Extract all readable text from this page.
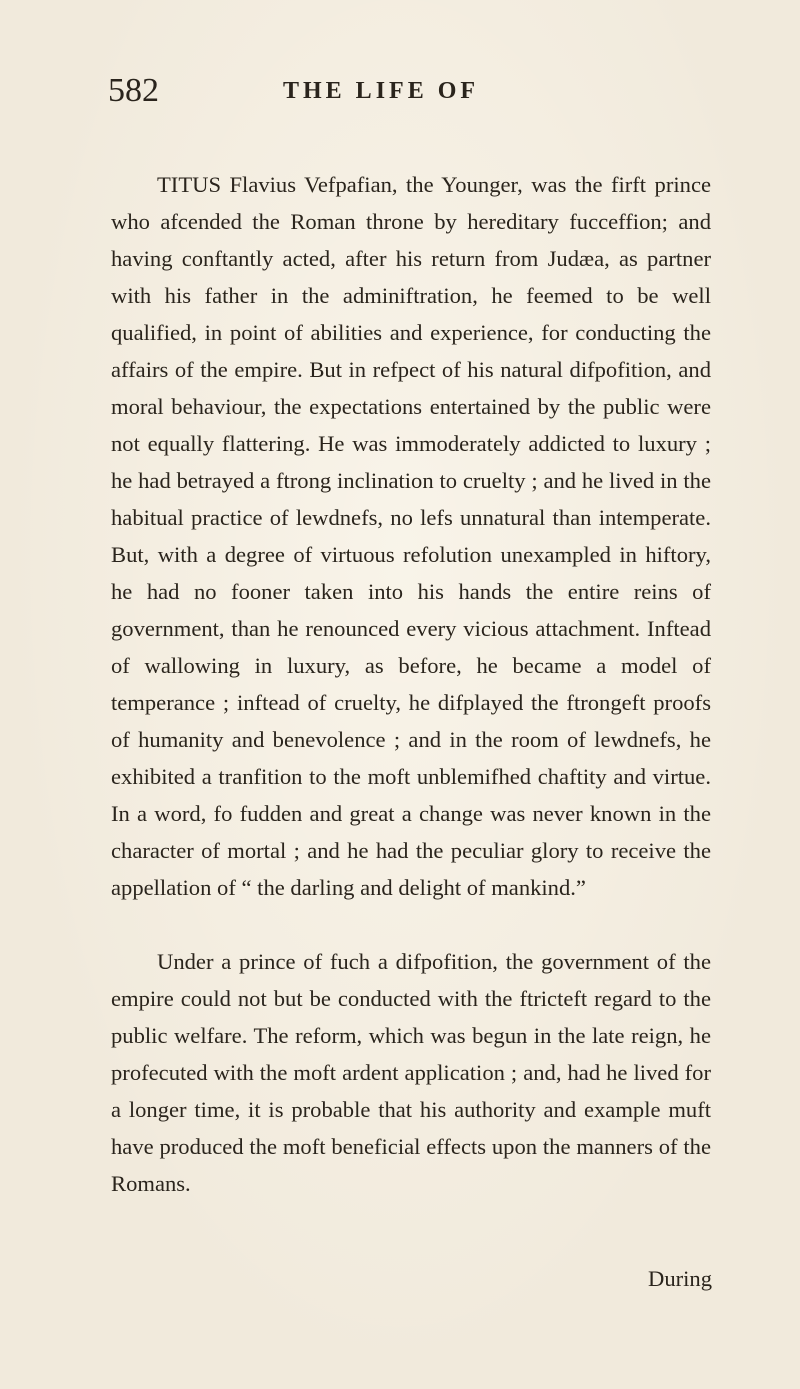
582	THE LIFE OF

TITUS Flavius Vefpafian, the Younger, was the firft prince who afcended the Roman throne by hereditary fucceffion; and having conftantly acted, after his return from Judæa, as partner with his father in the adminiftration, he feemed to be well qualified, in point of abilities and experience, for conducting the affairs of the empire. But in refpect of his natural difpofition, and moral behaviour, the expectations entertained by the public were not equally flattering. He was immoderately addicted to luxury ; he had betrayed a ftrong inclination to cruelty ; and he lived in the habitual practice of lewdnefs, no lefs unnatural than intemperate. But, with a degree of virtuous refolution unexampled in hiftory, he had no fooner taken into his hands the entire reins of government, than he renounced every vicious attachment. Inftead of wallowing in luxury, as before, he became a model of temperance ; inftead of cruelty, he difplayed the ftrongeft proofs of humanity and benevolence ; and in the room of lewdnefs, he exhibited a tranfition to the moft unblemifhed chaftity and virtue. In a word, fo fudden and great a change was never known in the character of mortal ; and he had the peculiar glory to receive the appellation of “ the darling and delight of mankind.”

Under a prince of fuch a difpofition, the government of the empire could not but be conducted with the ftricteft regard to the public welfare. The reform, which was begun in the late reign, he profecuted with the moft ardent application ; and, had he lived for a longer time, it is probable that his authority and example muft have produced the moft beneficial effects upon the manners of the Romans.

During
